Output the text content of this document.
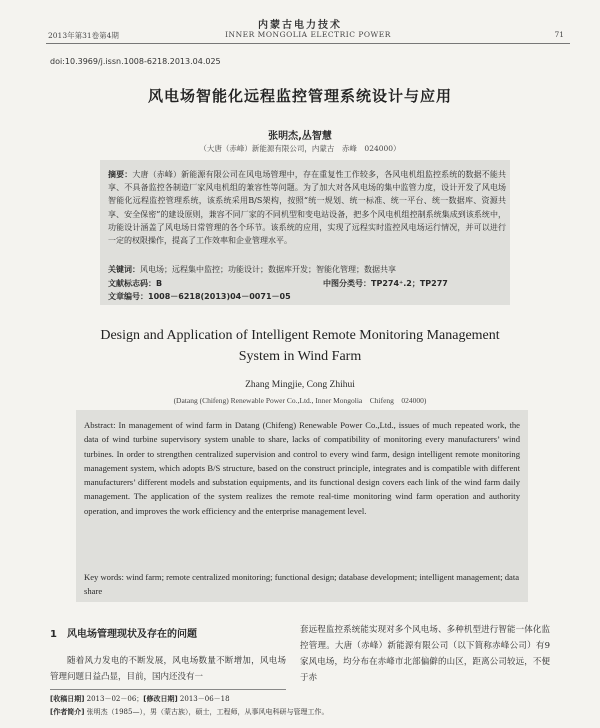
内蒙古电力技术
2013年第31卷第4期	INNER MONGOLIA ELECTRIC POWER	71
doi:10.3969/j.issn.1008-6218.2013.04.025
风电场智能化远程监控管理系统设计与应用
张明杰,丛智慧
（大唐（赤峰）新能源有限公司，内蒙古　赤峰　024000）
摘要：大唐（赤峰）新能源有限公司在风电场管理中，存在重复性工作较多，各风电机组监控系统的数据不能共享、不具备监控各制造厂家风电机组的兼容性等问题。为了加大对各风电场的集中监管力度，设计开发了风电场智能化远程监控管理系统，该系统采用B/S架构，按照“统一规划、统一标准、统一平台、统一数据库、资源共享、安全保密”的建设原则，兼容不同厂家的不同机型和变电站设备，把多个风电机组控制系统集成到该系统中，功能设计涵盖了风电场日常管理的各个环节。该系统的应用，实现了远程实时监控风电场运行情况，并可以进行一定的权限操作，提高了工作效率和企业管理水平。
关键词：风电场；远程集中监控；功能设计；数据库开发；智能化管理；数据共享
文献标志码：B	中图分类号：TP274⁺.2；TP277
文章编号：1008－6218(2013)04－0071－05
Design and Application of Intelligent Remote Monitoring Management
System in Wind Farm
Zhang Mingjie, Cong Zhihui
(Datang (Chifeng) Renewable Power Co.,Ltd., Inner Mongolia　Chifeng　024000)
Abstract: In management of wind farm in Datang (Chifeng) Renewable Power Co.,Ltd., issues of much repeated work, the data of wind turbine supervisory system unable to share, lacks of compatibility of monitoring every manufacturers’ wind turbines. In order to strengthen centralized supervision and control to every wind farm, design intelligent remote monitoring management system, which adopts B/S structure, based on the construct principle, integrates and is compatible with different manufacturers’ different models and substation equipments, and its functional design covers each link of the wind farm daily management. The application of the system realizes the remote real-time monitoring wind farm operation and authority operation, and improves the work efficiency and the enterprise management level.
Key words: wind farm; remote centralized monitoring; functional design; database development; intelligent management; data share
1 风电场管理现状及存在的问题
随着风力发电的不断发展，风电场数量不断增加，风电场管理问题日益凸显，目前，国内还没有一
套远程监控系统能实现对多个风电场、多种机型进行智能一体化监控管理。大唐（赤峰）新能源有限公司（以下简称赤峰公司）有9家风电场，均分布在赤峰市北部偏僻的山区，距离公司较远，不便于赤
[收稿日期] 2013－02－06；[修改日期] 2013－06－18
[作者简介] 张明杰（1985—），男（蒙古族），硕士，工程师，从事风电科研与管理工作。
